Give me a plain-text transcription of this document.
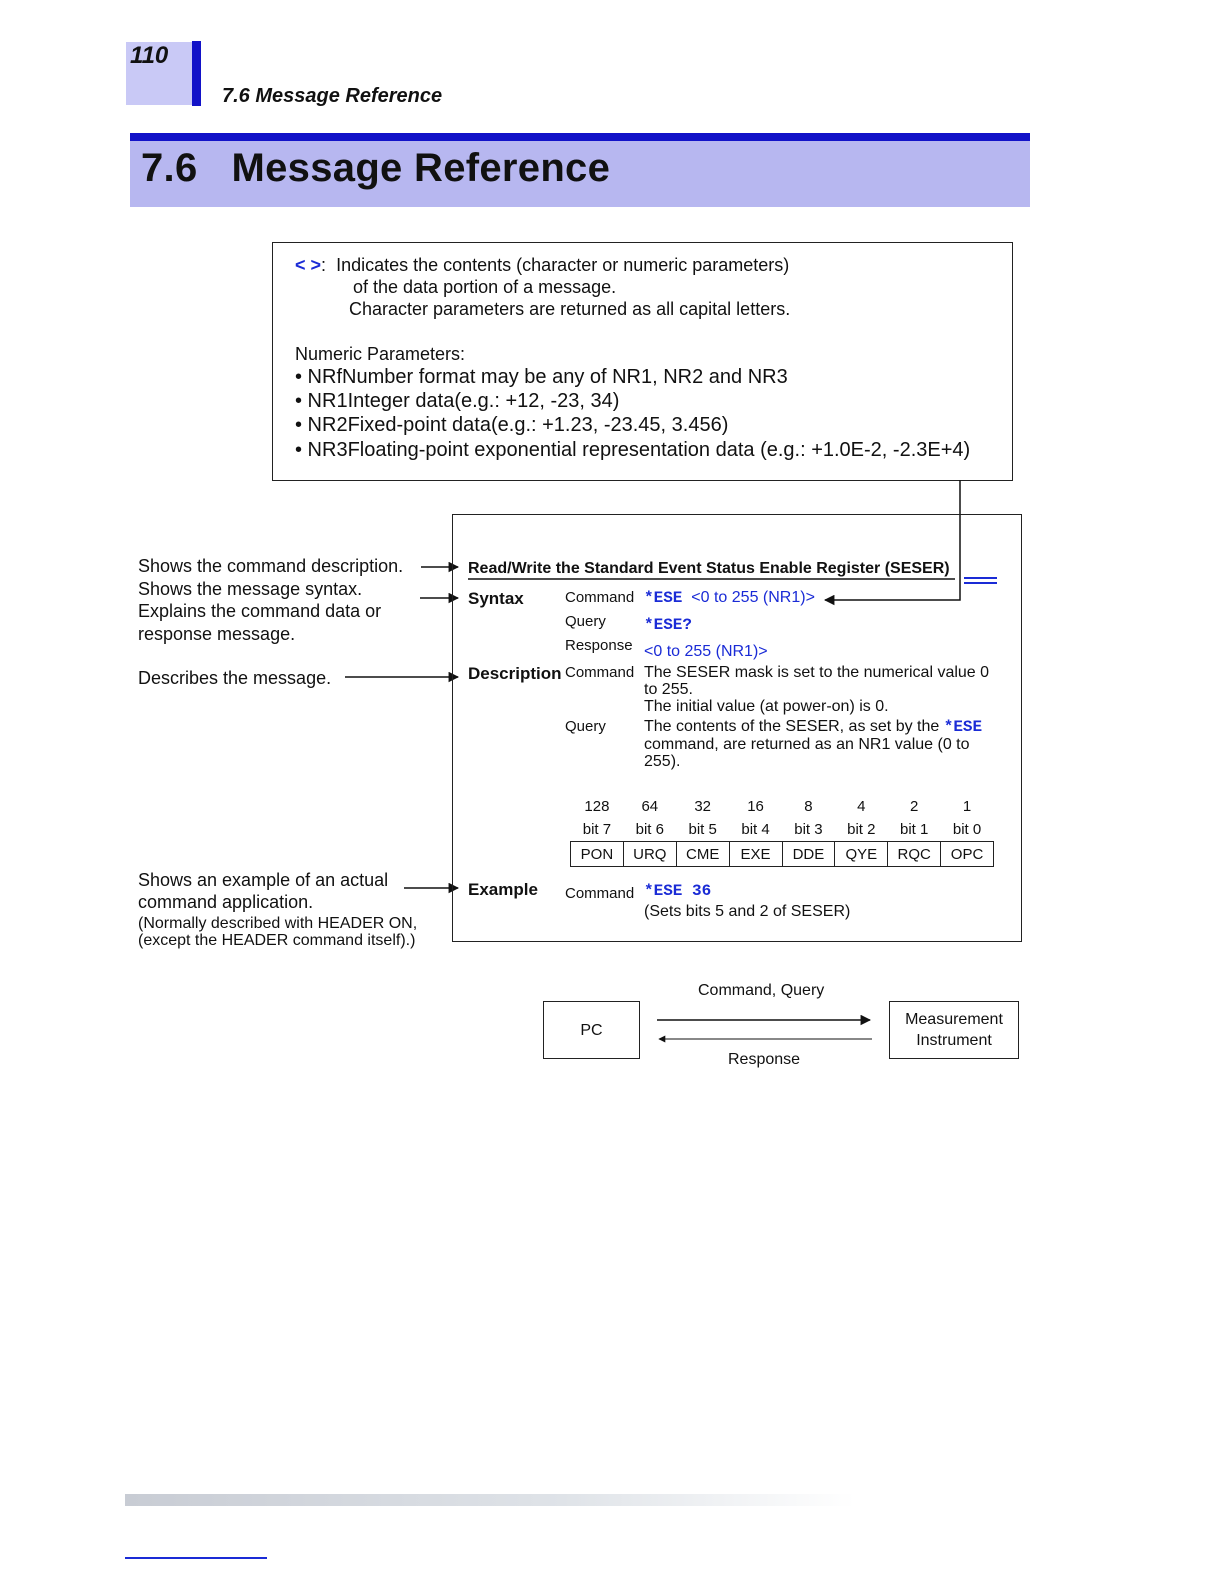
110
7.6 Message Reference
7.6 Message Reference
< >: Indicates the contents (character or numeric parameters)
of the data portion of a message.
Character parameters are returned as all capital letters.
Numeric Parameters:
• NRfNumber format may be any of NR1, NR2 and NR3
• NR1Integer data(e.g.: +12, -23, 34)
• NR2Fixed-point data(e.g.: +1.23, -23.45, 3.456)
• NR3Floating-point exponential representation data (e.g.: +1.0E-2, -2.3E+4)
Read/Write the Standard Event Status Enable Register (SESER)
Syntax	Command *ESE <0 to 255 (NR1)>
Query *ESE?
Response <0 to 255 (NR1)>
Description Command The SESER mask is set to the numerical value 0 to 255.
The initial value (at power-on) is 0.
Query The contents of the SESER, as set by the *ESE command, are returned as an NR1 value (0 to 255).
128	64	32	16	8	4	2	1
bit 7	bit 6	bit 5	bit 4	bit 3	bit 2	bit 1	bit 0
PON	URQ	CME	EXE	DDE	QYE	RQC	OPC
Example Command *ESE 36
(Sets bits 5 and 2 of SESER)
Shows the command description.
Shows the message syntax.
Explains the command data or
response message.
Describes the message.
Shows an example of an actual
command application.
(Normally described with HEADER ON,
(except the HEADER command itself).)
PC
Measurement
Instrument
Command, Query
Response
